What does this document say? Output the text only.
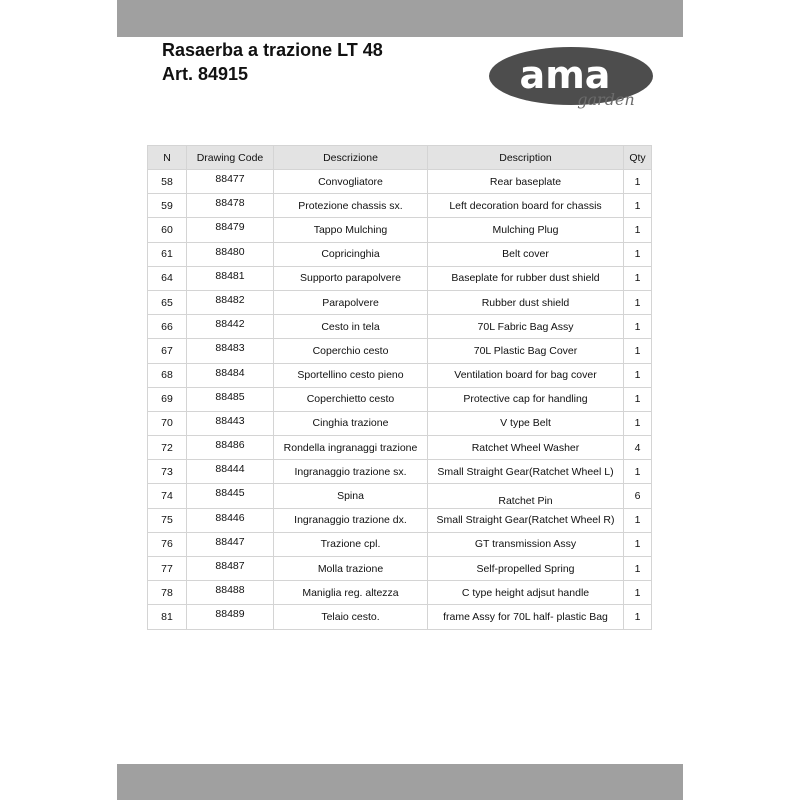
Rasaerba a trazione LT 48
Art. 84915	ama
garden
N	Drawing Code	Descrizione	Description	Qty
58	88477	Convogliatore	Rear baseplate	1
59	88478	Protezione chassis sx.	Left decoration board for chassis	1
60	88479	Tappo Mulching	Mulching Plug	1
61	88480	Copricinghia	Belt cover	1
64	88481	Supporto parapolvere	Baseplate for rubber dust shield	1
65	88482	Parapolvere	Rubber dust shield	1
66	88442	Cesto in tela	70L Fabric Bag Assy	1
67	88483	Coperchio cesto	70L Plastic Bag Cover	1
68	88484	Sportellino cesto pieno	Ventilation board for bag cover	1
69	88485	Coperchietto cesto	Protective cap for handling	1
70	88443	Cinghia trazione	V type Belt	1
72	88486	Rondella ingranaggi trazione	Ratchet Wheel Washer	4
73	88444	Ingranaggio trazione sx.	Small Straight Gear(Ratchet Wheel L)	1
74	88445	Spina	Ratchet Pin	6
75	88446	Ingranaggio trazione dx.	Small Straight Gear(Ratchet Wheel R)	1
76	88447	Trazione cpl.	GT transmission Assy	1
77	88487	Molla trazione	Self-propelled Spring	1
78	88488	Maniglia reg. altezza	C type height adjsut handle	1
81	88489	Telaio cesto.	frame Assy for 70L half- plastic Bag	1
